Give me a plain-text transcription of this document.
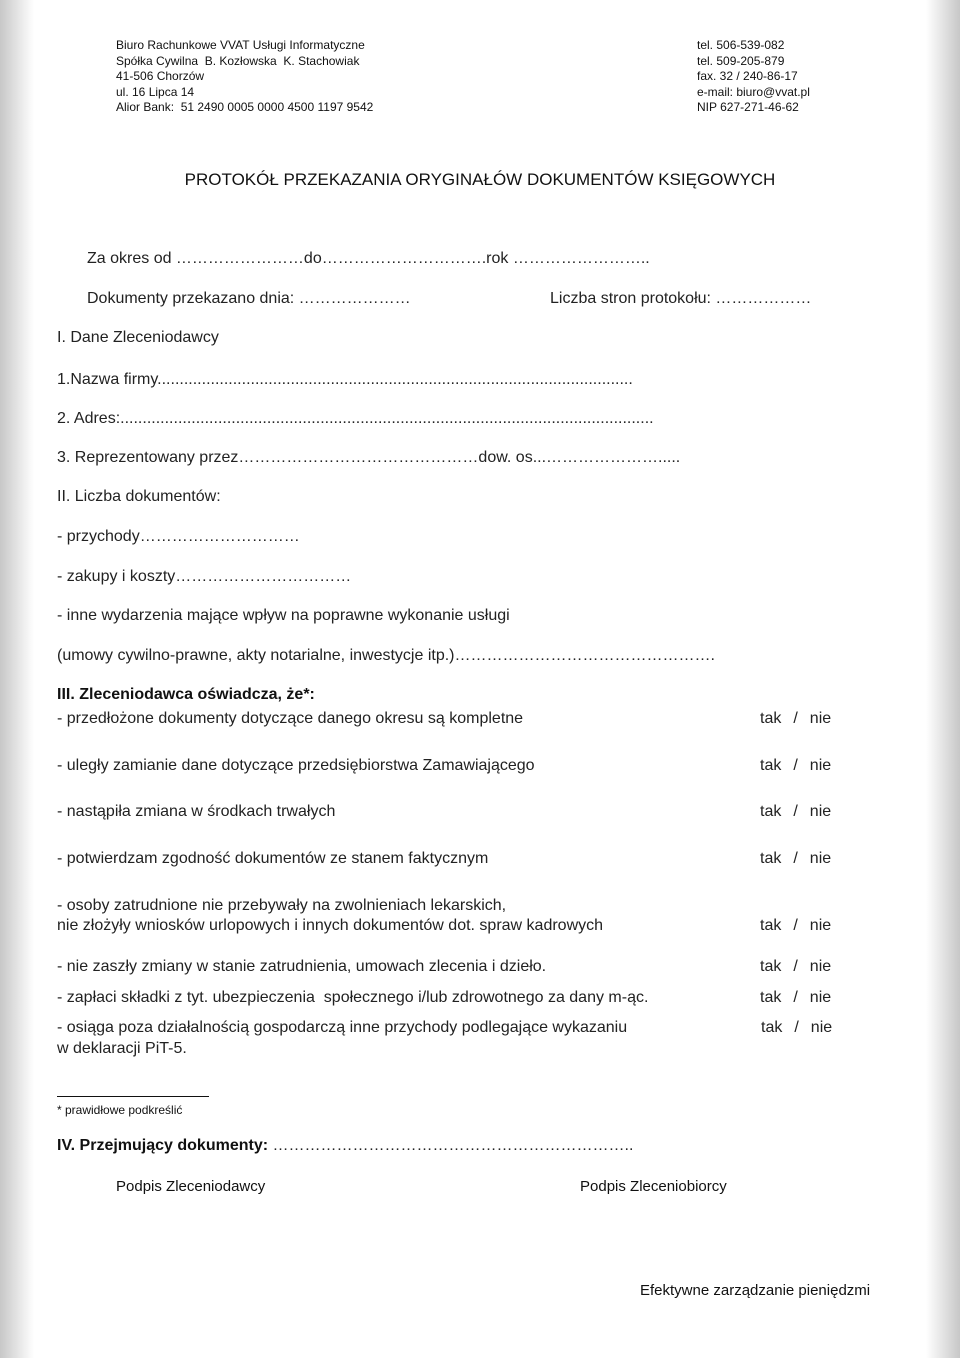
Biuro Rachunkowe VVAT Usługi Informatyczne
Spółka Cywilna  B. Kozłowska  K. Stachowiak
41-506 Chorzów
ul. 16 Lipca 14
Alior Bank:  51 2490 0005 0000 4500 1197 9542
tel. 506-539-082
tel. 509-205-879
fax. 32 / 240-86-17
e-mail: biuro@vvat.pl
NIP 627-271-46-62
PROTOKÓŁ PRZEKAZANIA ORYGINAŁÓW DOKUMENTÓW KSIĘGOWYCH
Za okres od ……………………do………………………….rok ……………………..
Dokumenty przekazano dnia: …………………	Liczba stron protokołu: ………………
I. Dane Zleceniodawcy
1.Nazwa firmy...........................................................................................................
2. Adres:........................................................................................................................
3. Reprezentowany przez………………………………………dow. os...………………….....
II. Liczba dokumentów:
- przychody…………………………
- zakupy i koszty……………………………
- inne wydarzenia mające wpływ na poprawne wykonanie usługi
(umowy cywilno-prawne, akty notarialne, inwestycje itp.)………………………………………….
III. Zleceniodawca oświadcza, że*:
- przedłożone dokumenty dotyczące danego okresu są kompletne	tak / nie
- uległy zamianie dane dotyczące przedsiębiorstwa Zamawiającego	tak / nie
- nastąpiła zmiana w środkach trwałych	tak / nie
- potwierdzam zgodność dokumentów ze stanem faktycznym	tak / nie
- osoby zatrudnione nie przebywały na zwolnieniach lekarskich,
nie złożyły wniosków urlopowych i innych dokumentów dot. spraw kadrowych	tak / nie
- nie zaszły zmiany w stanie zatrudnienia, umowach zlecenia i dzieło.	tak / nie
- zapłaci składki z tyt. ubezpieczenia  społecznego i/lub zdrowotnego za dany m-ąc.	tak / nie
- osiąga poza działalnością gospodarczą inne przychody podlegające wykazaniu
w deklaracji PiT-5.
tak / nie
* prawidłowe podkreślić
IV. Przejmujący dokumenty: …………………………………………………………..
Podpis Zleceniodawcy	Podpis Zleceniobiorcy
Efektywne zarządzanie pieniędzmi
